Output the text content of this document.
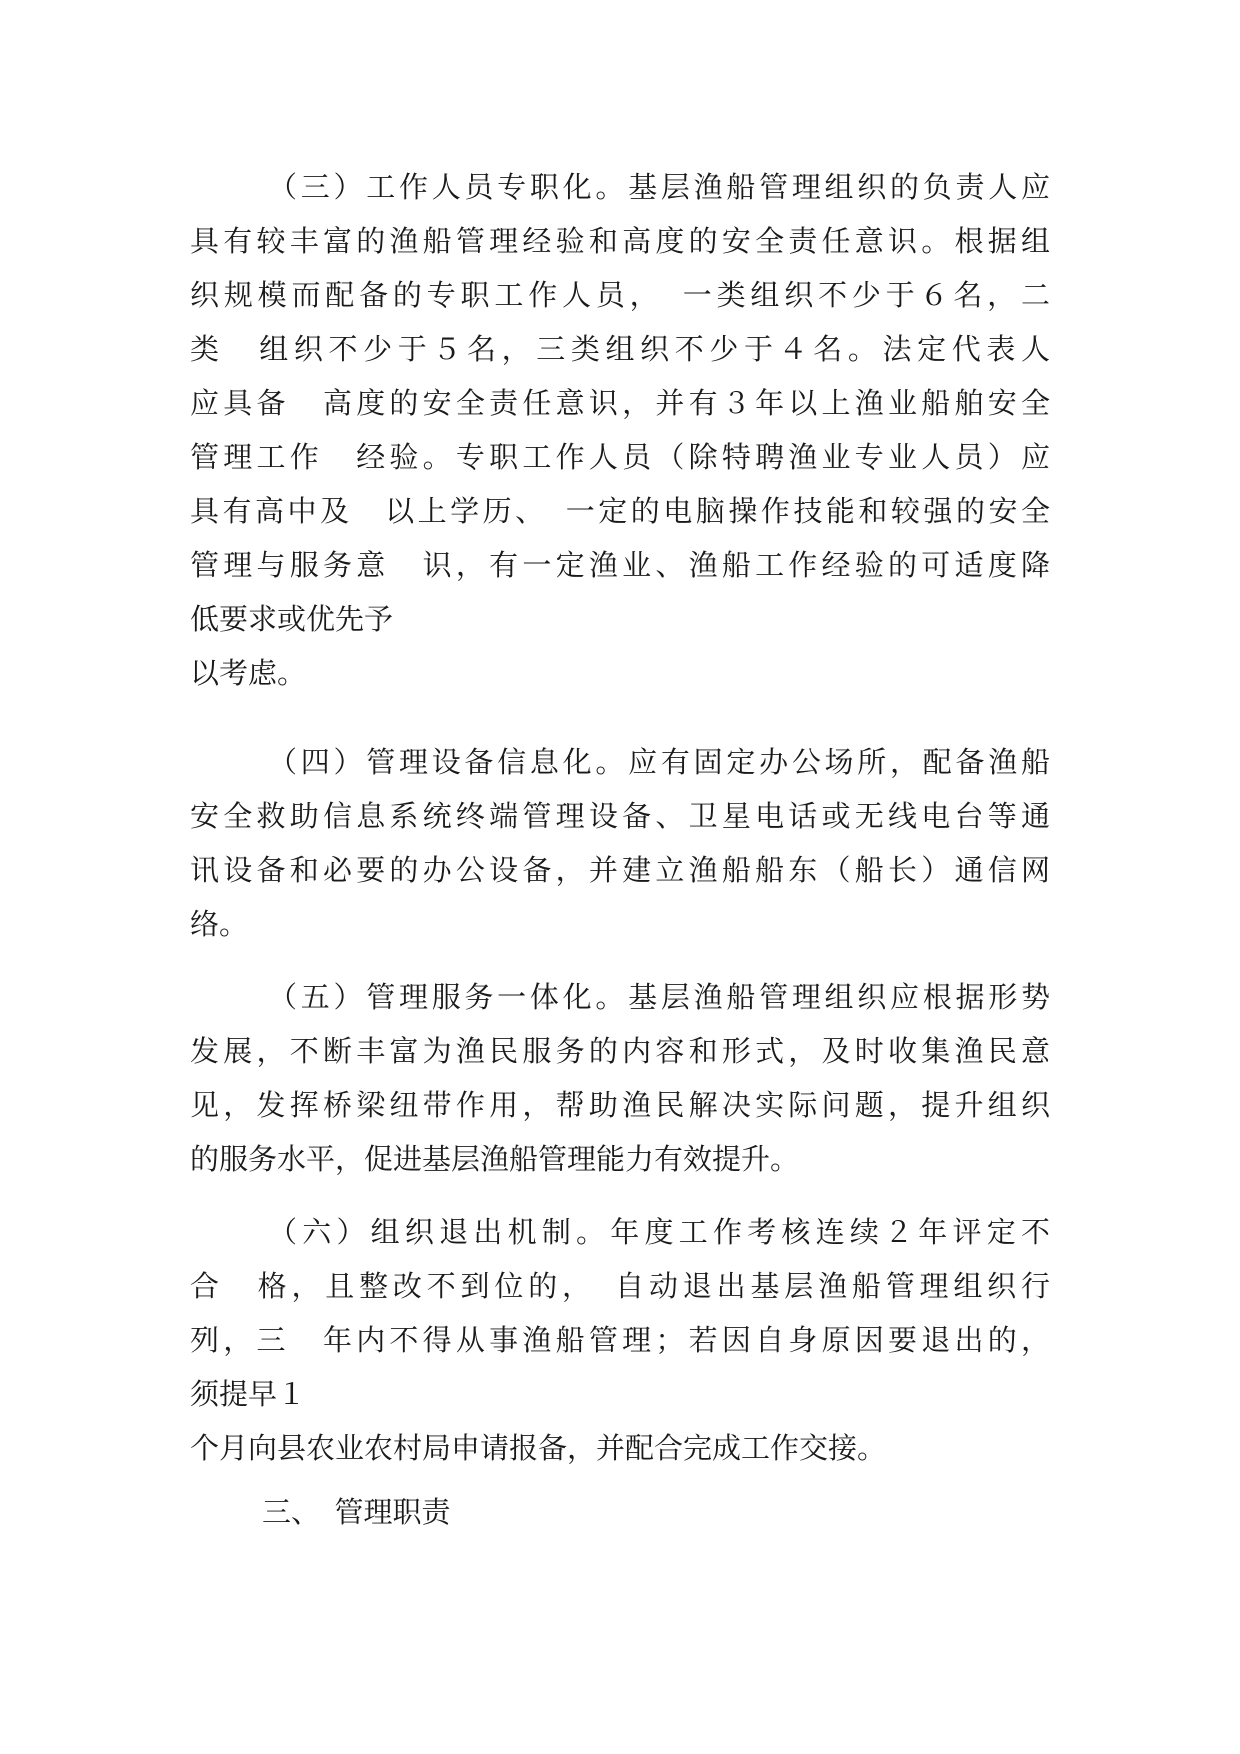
（三）工作人员专职化。基层渔船管理组织的负责人应
具有较丰富的渔船管理经验和高度的安全责任意识。根据组
织规模而配备的专职工作人员，　一类组织不少于６名，二
类　组织不少于５名，三类组织不少于４名。法定代表人
应具备　高度的安全责任意识，并有３年以上渔业船舶安全
管理工作　经验。专职工作人员（除特聘渔业专业人员）应
具有高中及　以上学历、　一定的电脑操作技能和较强的安全
管理与服务意　识，有一定渔业、渔船工作经验的可适度降
低要求或优先予
以考虑。
（四）管理设备信息化。应有固定办公场所，配备渔船
安全救助信息系统终端管理设备、卫星电话或无线电台等通
讯设备和必要的办公设备，并建立渔船船东（船长）通信网
络。
（五）管理服务一体化。基层渔船管理组织应根据形势
发展，不断丰富为渔民服务的内容和形式，及时收集渔民意
见，发挥桥梁纽带作用，帮助渔民解决实际问题，提升组织
的服务水平，促进基层渔船管理能力有效提升。
（六）组织退出机制。年度工作考核连续２年评定不
合　格，且整改不到位的，　自动退出基层渔船管理组织行
列，三　年内不得从事渔船管理；若因自身原因要退出的，
须提早１
个月向县农业农村局申请报备，并配合完成工作交接。
三、　管理职责
